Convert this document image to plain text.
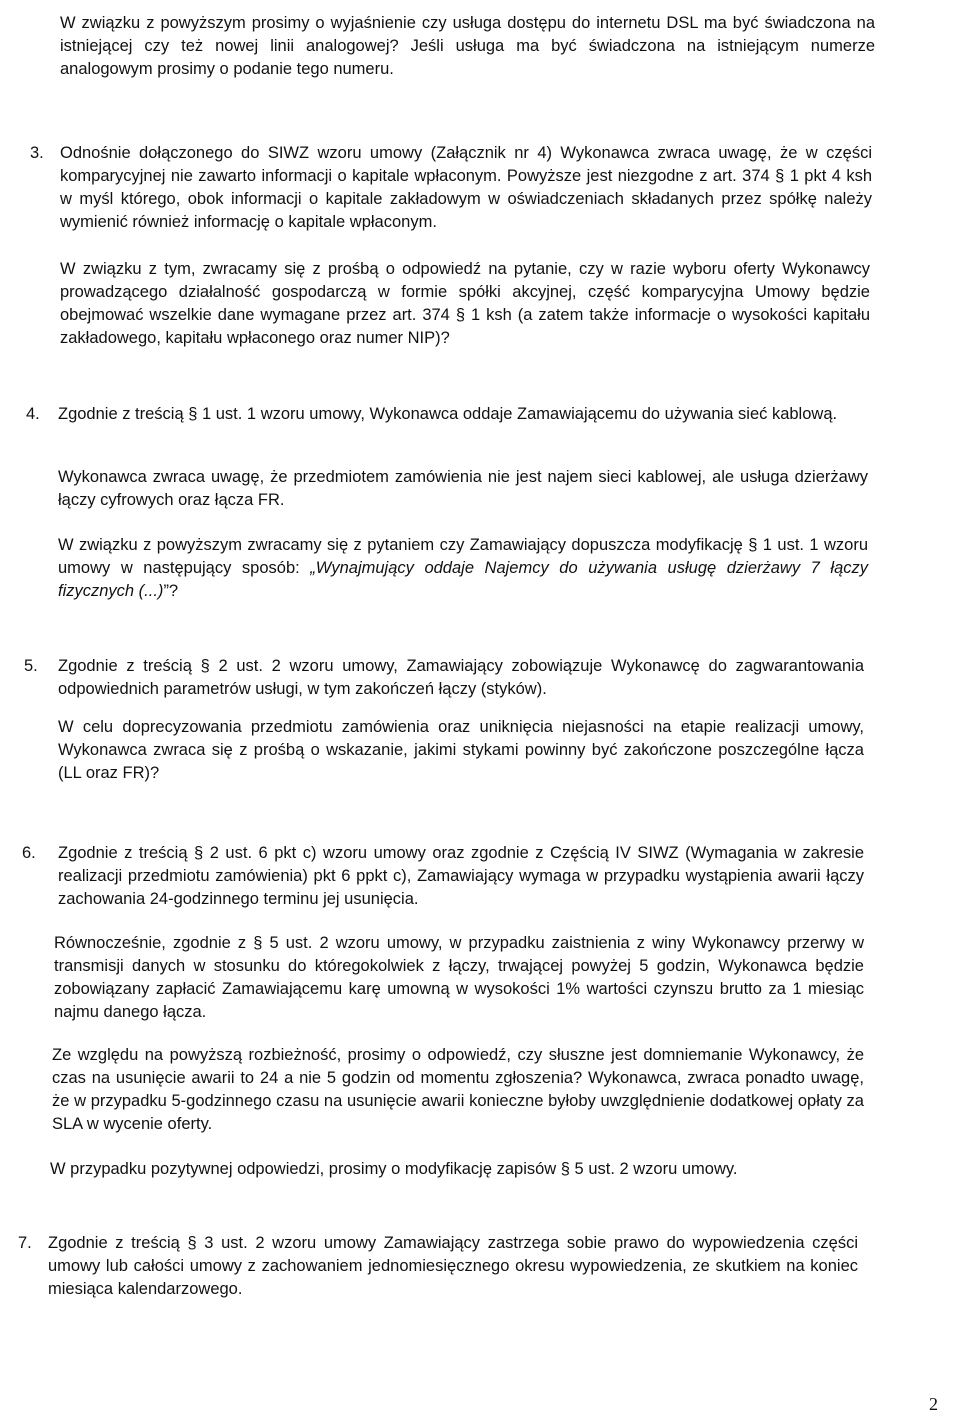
W związku z powyższym prosimy o wyjaśnienie czy usługa dostępu do internetu DSL ma być świadczona na istniejącej czy też nowej linii analogowej? Jeśli usługa ma być świadczona na istniejącym numerze analogowym prosimy o podanie tego numeru.

3. Odnośnie dołączonego do SIWZ wzoru umowy (Załącznik nr 4) Wykonawca zwraca uwagę, że w części komparycyjnej nie zawarto informacji o kapitale wpłaconym. Powyższe jest niezgodne z art. 374 § 1 pkt 4 ksh w myśl którego, obok informacji o kapitale zakładowym w oświadczeniach składanych przez spółkę należy wymienić również informację o kapitale wpłaconym.

W związku z tym, zwracamy się z prośbą o odpowiedź na pytanie, czy w razie wyboru oferty Wykonawcy prowadzącego działalność gospodarczą w formie spółki akcyjnej, część komparycyjna Umowy będzie obejmować wszelkie dane wymagane przez art. 374 § 1 ksh (a zatem także informacje o wysokości kapitału zakładowego, kapitału wpłaconego oraz numer NIP)?

4. Zgodnie z treścią § 1 ust. 1 wzoru umowy, Wykonawca oddaje Zamawiającemu do używania sieć kablową.

Wykonawca zwraca uwagę, że przedmiotem zamówienia nie jest najem sieci kablowej, ale usługa dzierżawy łączy cyfrowych oraz łącza FR.

W związku z powyższym zwracamy się z pytaniem czy Zamawiający dopuszcza modyfikację § 1 ust. 1 wzoru umowy w następujący sposób: „Wynajmujący oddaje Najemcy do używania usługę dzierżawy 7 łączy fizycznych (...)”?

5. Zgodnie z treścią § 2 ust. 2 wzoru umowy, Zamawiający zobowiązuje Wykonawcę do zagwarantowania odpowiednich parametrów usługi, w tym zakończeń łączy (styków).

W celu doprecyzowania przedmiotu zamówienia oraz uniknięcia niejasności na etapie realizacji umowy, Wykonawca zwraca się z prośbą o wskazanie, jakimi stykami powinny być zakończone poszczególne łącza (LL oraz FR)?

6. Zgodnie z treścią § 2 ust. 6 pkt c) wzoru umowy oraz zgodnie z Częścią IV SIWZ (Wymagania w zakresie realizacji przedmiotu zamówienia) pkt 6 ppkt c), Zamawiający wymaga w przypadku wystąpienia awarii łączy zachowania 24-godzinnego terminu jej usunięcia.

Równocześnie, zgodnie z § 5 ust. 2 wzoru umowy, w przypadku zaistnienia z winy Wykonawcy przerwy w transmisji danych w stosunku do któregokolwiek z łączy, trwającej powyżej 5 godzin, Wykonawca będzie zobowiązany zapłacić Zamawiającemu karę umowną w wysokości 1% wartości czynszu brutto za 1 miesiąc najmu danego łącza.

Ze względu na powyższą rozbieżność, prosimy o odpowiedź, czy słuszne jest domniemanie Wykonawcy, że czas na usunięcie awarii to 24 a nie 5 godzin od momentu zgłoszenia? Wykonawca, zwraca ponadto uwagę, że w przypadku 5-godzinnego czasu na usunięcie awarii konieczne byłoby uwzględnienie dodatkowej opłaty za SLA w wycenie oferty.

W przypadku pozytywnej odpowiedzi, prosimy o modyfikację zapisów § 5 ust. 2 wzoru umowy.

7. Zgodnie z treścią § 3 ust. 2 wzoru umowy Zamawiający zastrzega sobie prawo do wypowiedzenia części umowy lub całości umowy z zachowaniem jednomiesięcznego okresu wypowiedzenia, ze skutkiem na koniec miesiąca kalendarzowego.

2
